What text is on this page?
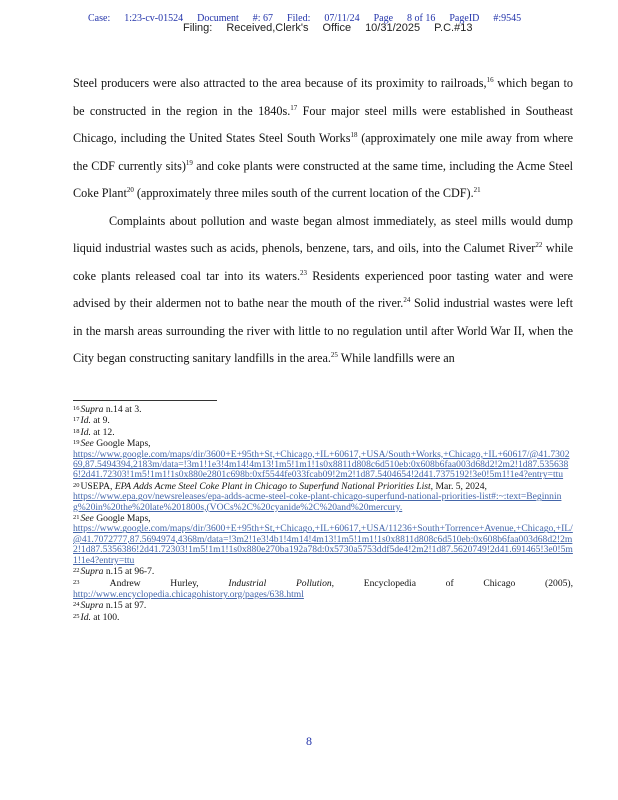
Case: 1:23-cv-01524 Document #: 67 Filed: 07/11/24 Page 8 of 16 PageID #:9545
Filing: Received,Clerk's Office 10/31/2025 P.C.#13

Steel producers were also attracted to the area because of its proximity to railroads,$^{16}$ which began to be constructed in the region in the 1840s.$^{17}$ Four major steel mills were established in Southeast Chicago, including the United States Steel South Works$^{18}$ (approximately one mile away from where the CDF currently sits)$^{19}$ and coke plants were constructed at the same time, including the Acme Steel Coke Plant$^{20}$ (approximately three miles south of the current location of the CDF).$^{21}$

Complaints about pollution and waste began almost immediately, as steel mills would dump liquid industrial wastes such as acids, phenols, benzene, tars, and oils, into the Calumet River$^{22}$ while coke plants released coal tar into its waters.$^{23}$ Residents experienced poor tasting water and were advised by their aldermen not to bathe near the mouth of the river.$^{24}$ Solid industrial wastes were left in the marsh areas surrounding the river with little to no regulation until after World War II, when the City began constructing sanitary landfills in the area.$^{25}$ While landfills were an

$^{16}$Supra n.14 at 3.
$^{17}$Id. at 9.
$^{18}$Id. at 12.
$^{19}$See Google Maps,
https://www.google.com/maps/dir/3600+E+95th+St,+Chicago,+IL+60617,+USA/South+Works,+Chicago,+IL+60617/@41.730269,87.5494394,2183m/data=!3m1!1e3!4m14!4m13!1m5!1m1!1s0x8811d808c6d510eb:0x608b6faa003d68d2!2m2!1d87.5356386!2d41.72303!1m5!1m1!1s0x880e2801c698b:0xf5544fe033fcab09!2m2!1d87.5404654!2d41.7375192!3e0!5m1!1e4?entry=ttu
$^{20}$USEPA, EPA Adds Acme Steel Coke Plant in Chicago to Superfund National Priorities List, Mar. 5, 2024,
https://www.epa.gov/newsreleases/epa-adds-acme-steel-coke-plant-chicago-superfund-national-priorities-list#:~:text=Beginning%20in%20the%20late%201800s,(VOCs%2C%20cyanide%2C%20and%20mercury.
$^{21}$See Google Maps,
https://www.google.com/maps/dir/3600+E+95th+St,+Chicago,+IL+60617,+USA/11236+South+Torrence+Avenue,+Chicago,+IL/@41.7072777,87.5694974,4368m/data=!3m2!1e3!4b1!4m14!4m13!1m5!1m1!1s0x8811d808c6d510eb:0x608b6faa003d68d2!2m2!1d87.5356386!2d41.72303!1m5!1m1!1s0x880e270ba192a78d:0x5730a5753ddf5de4!2m2!1d87.5620749!2d41.691465!3e0!5m1!1e4?entry=ttu
$^{22}$Supra n.15 at 96-7.
$^{23}$	Andrew Hurley,	Industrial Pollution,	Encyclopedia of Chicago (2005),
http://www.encyclopedia.chicagohistory.org/pages/638.html
$^{24}$Supra n.15 at 97.
$^{25}$Id. at 100.
8
